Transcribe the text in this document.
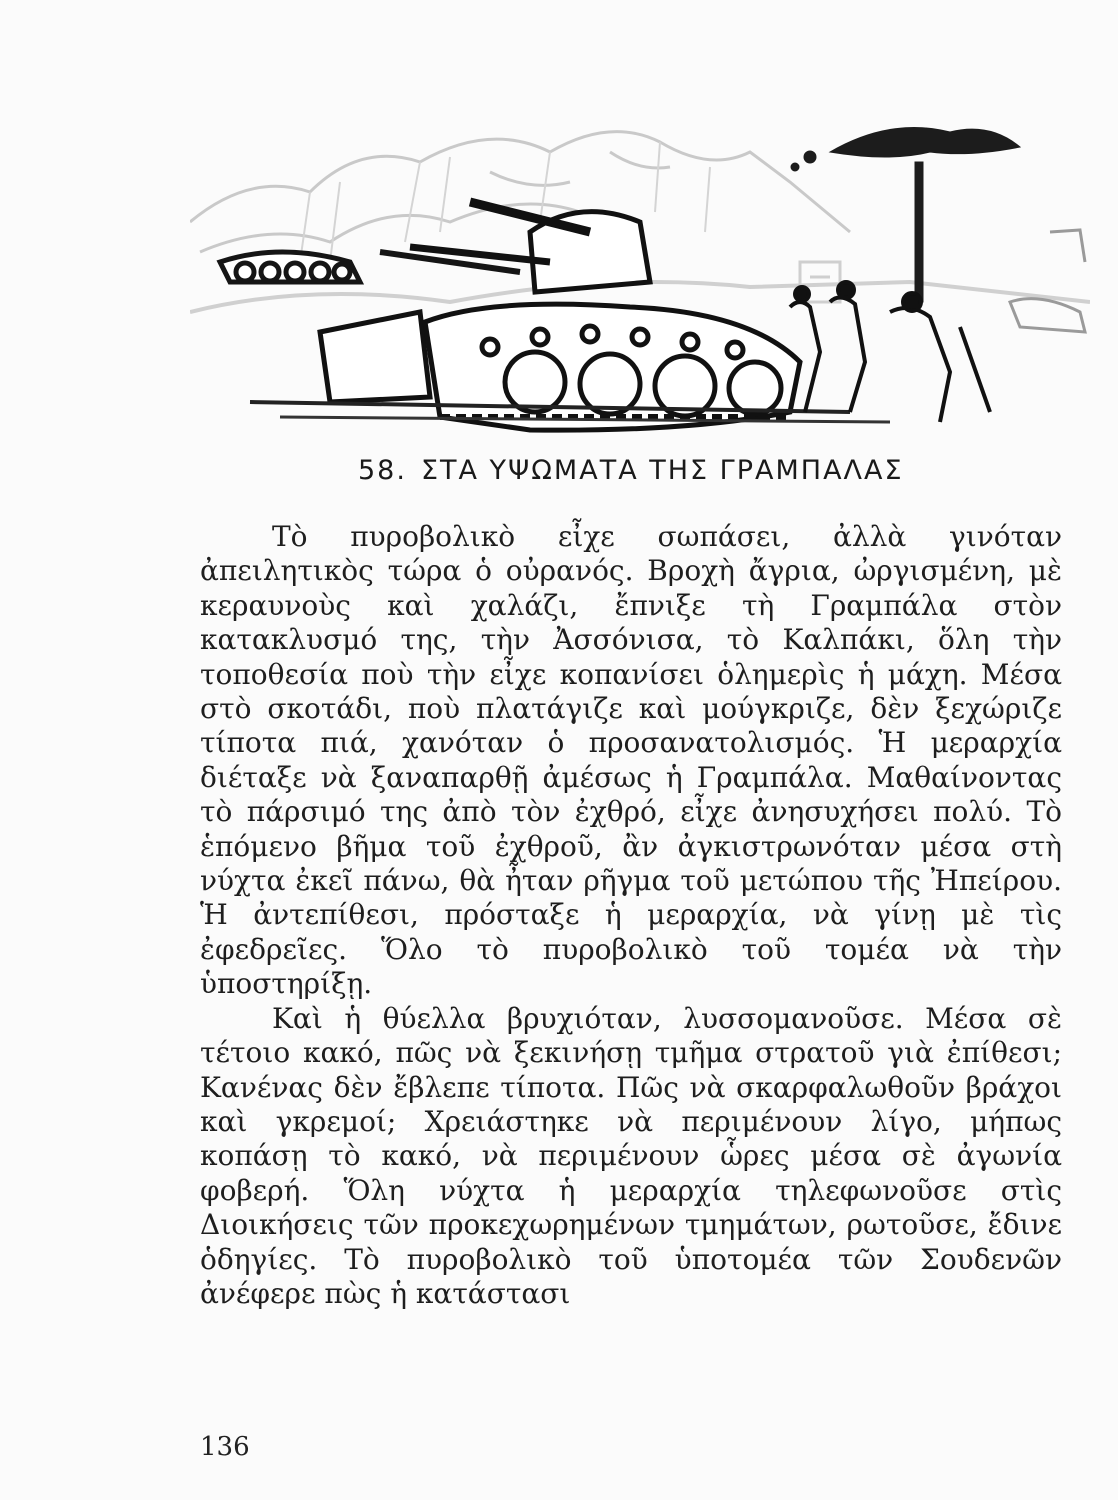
58. ΣΤΑ ΥΨΩΜΑΤΑ ΤΗΣ ΓΡΑΜΠΑΛΑΣ

Τὸ πυροβολικὸ εἶχε σωπάσει, ἀλλὰ γινόταν ἀπειλητικὸς τώρα ὁ οὐρανός. Βροχὴ ἄγρια, ὠργισμένη, μὲ κεραυνοὺς καὶ χαλάζι, ἔπνιξε τὴ Γραμπάλα στὸν κατακλυσμό της, τὴν Ἀσσόνισα, τὸ Καλπάκι, ὅλη τὴν τοποθεσία ποὺ τὴν εἶχε κοπανίσει ὁλημερὶς ἡ μάχη. Μέσα στὸ σκοτάδι, ποὺ πλατάγιζε καὶ μούγκριζε, δὲν ξεχώριζε τίποτα πιά, χανόταν ὁ προσανατολισμός. Ἡ μεραρχία διέταξε νὰ ξαναπαρθῇ ἀμέσως ἡ Γραμπάλα. Μαθαίνοντας τὸ πάρσιμό της ἀπὸ τὸν ἐχθρό, εἶχε ἀνησυχήσει πολύ. Τὸ ἑπόμενο βῆμα τοῦ ἐχθροῦ, ἂν ἀγκιστρωνόταν μέσα στὴ νύχτα ἐκεῖ πάνω, θὰ ἦταν ρῆγμα τοῦ μετώπου τῆς Ἠπείρου. Ἡ ἀντεπίθεσι, πρόσταξε ἡ μεραρχία, νὰ γίνῃ μὲ τὶς ἐφεδρεῖες. Ὅλο τὸ πυροβολικὸ τοῦ τομέα νὰ τὴν ὑποστηρίξῃ.

Καὶ ἡ θύελλα βρυχιόταν, λυσσομανοῦσε. Μέσα σὲ τέτοιο κακό, πῶς νὰ ξεκινήσῃ τμῆμα στρατοῦ γιὰ ἐπίθεσι; Κανένας δὲν ἔβλεπε τίποτα. Πῶς νὰ σκαρφαλωθοῦν βράχοι καὶ γκρεμοί; Χρειάστηκε νὰ περιμένουν λίγο, μήπως κοπάσῃ τὸ κακό, νὰ περιμένουν ὧρες μέσα σὲ ἀγωνία φοβερή. Ὅλη νύχτα ἡ μεραρχία τηλεφωνοῦσε στὶς Διοικήσεις τῶν προκεχωρημένων τμημάτων, ρωτοῦσε, ἔδινε ὁδηγίες. Τὸ πυροβολικὸ τοῦ ὑποτομέα τῶν Σουδενῶν ἀνέφερε πὼς ἡ κατάστασι

136
